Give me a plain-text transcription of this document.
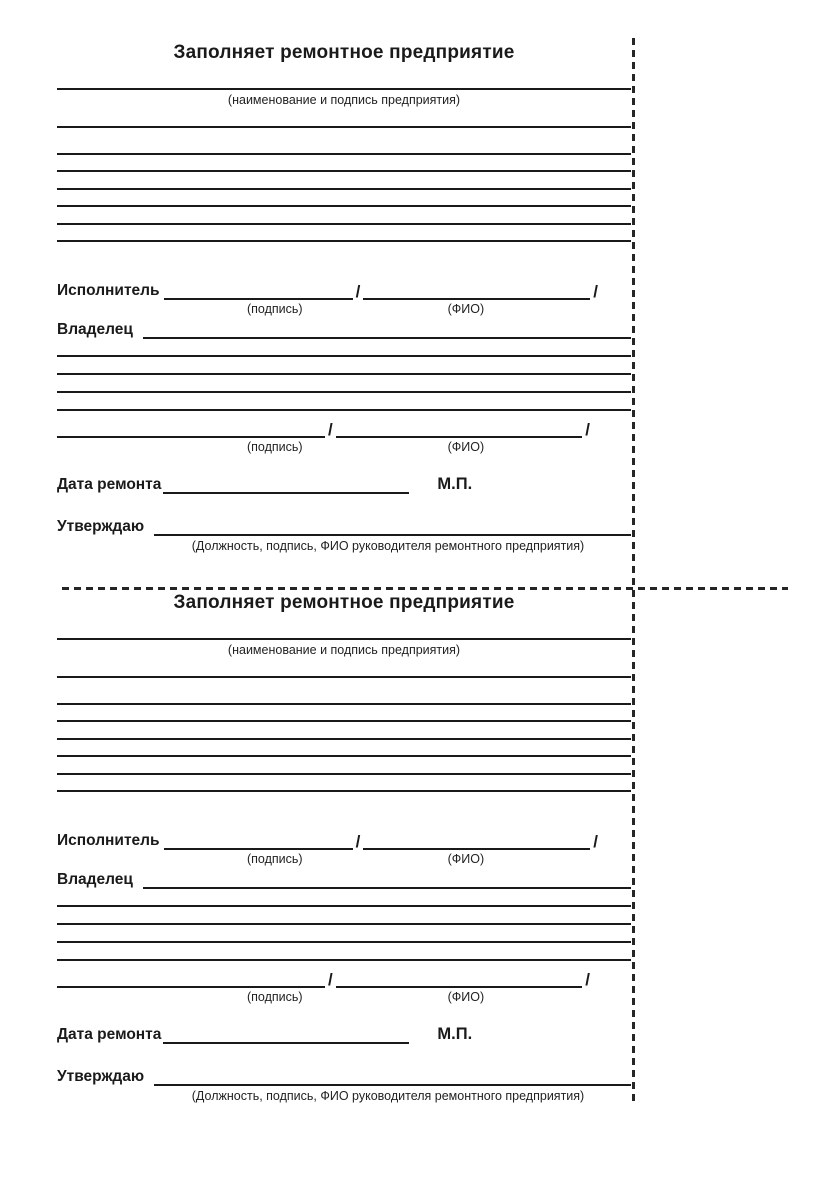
Заполняет ремонтное предприятие
(наименование и подпись предприятия)
Исполнитель	/	/
(подпись)	(ФИО)
Владелец
/	/
(подпись)	(ФИО)
Дата ремонта	М.П.
Утверждаю
(Должность, подпись, ФИО руководителя ремонтного предприятия)
Заполняет ремонтное предприятие
(наименование и подпись предприятия)
Исполнитель	/	/
(подпись)	(ФИО)
Владелец
/	/
(подпись)	(ФИО)
Дата ремонта	М.П.
Утверждаю
(Должность, подпись, ФИО руководителя ремонтного предприятия)
